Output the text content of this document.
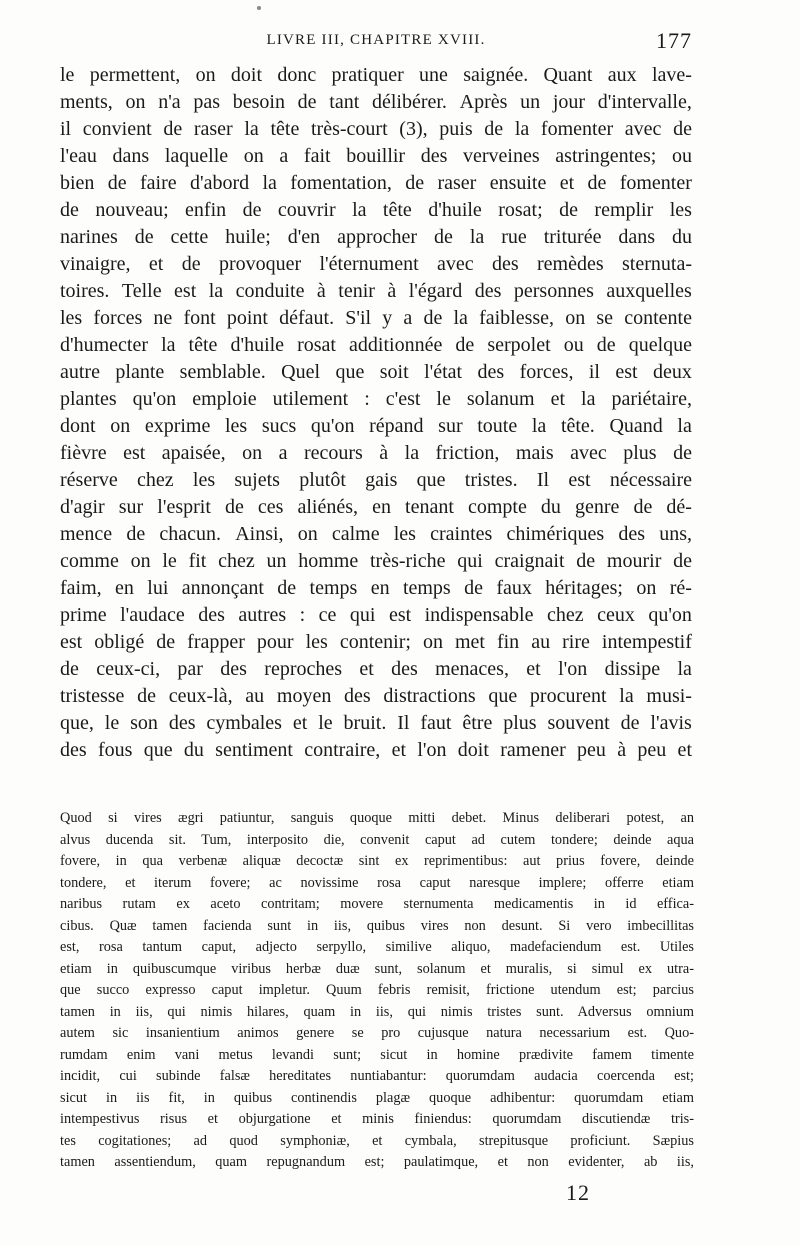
LIVRE III, CHAPITRE XVIII.	177
le permettent, on doit donc pratiquer une saignée. Quant aux lave-
ments, on n'a pas besoin de tant délibérer. Après un jour d'intervalle,
il convient de raser la tête très-court (3), puis de la fomenter avec de
l'eau dans laquelle on a fait bouillir des verveines astringentes; ou
bien de faire d'abord la fomentation, de raser ensuite et de fomenter
de nouveau; enfin de couvrir la tête d'huile rosat; de remplir les
narines de cette huile; d'en approcher de la rue triturée dans du
vinaigre, et de provoquer l'éternument avec des remèdes sternuta-
toires. Telle est la conduite à tenir à l'égard des personnes auxquelles
les forces ne font point défaut. S'il y a de la faiblesse, on se contente
d'humecter la tête d'huile rosat additionnée de serpolet ou de quelque
autre plante semblable. Quel que soit l'état des forces, il est deux
plantes qu'on emploie utilement : c'est le solanum et la pariétaire,
dont on exprime les sucs qu'on répand sur toute la tête. Quand la
fièvre est apaisée, on a recours à la friction, mais avec plus de
réserve chez les sujets plutôt gais que tristes. Il est nécessaire
d'agir sur l'esprit de ces aliénés, en tenant compte du genre de dé-
mence de chacun. Ainsi, on calme les craintes chimériques des uns,
comme on le fit chez un homme très-riche qui craignait de mourir de
faim, en lui annonçant de temps en temps de faux héritages; on ré-
prime l'audace des autres : ce qui est indispensable chez ceux qu'on
est obligé de frapper pour les contenir; on met fin au rire intempestif
de ceux-ci, par des reproches et des menaces, et l'on dissipe la
tristesse de ceux-là, au moyen des distractions que procurent la musi-
que, le son des cymbales et le bruit. Il faut être plus souvent de l'avis
des fous que du sentiment contraire, et l'on doit ramener peu à peu et
Quod si vires ægri patiuntur, sanguis quoque mitti debet. Minus deliberari potest, an
alvus ducenda sit. Tum, interposito die, convenit caput ad cutem tondere; deinde aqua
fovere, in qua verbenæ aliquæ decoctæ sint ex reprimentibus: aut prius fovere, deinde
tondere, et iterum fovere; ac novissime rosa caput naresque implere; offerre etiam
naribus rutam ex aceto contritam; movere sternumenta medicamentis in id effica-
cibus. Quæ tamen facienda sunt in iis, quibus vires non desunt. Si vero imbecillitas
est, rosa tantum caput, adjecto serpyllo, similive aliquo, madefaciendum est. Utiles
etiam in quibuscumque viribus herbæ duæ sunt, solanum et muralis, si simul ex utra-
que succo expresso caput impletur. Quum febris remisit, frictione utendum est; parcius
tamen in iis, qui nimis hilares, quam in iis, qui nimis tristes sunt. Adversus omnium
autem sic insanientium animos genere se pro cujusque natura necessarium est. Quo-
rumdam enim vani metus levandi sunt; sicut in homine prædivite famem timente
incidit, cui subinde falsæ hereditates nuntiabantur: quorumdam audacia coercenda est;
sicut in iis fit, in quibus continendis plagæ quoque adhibentur: quorumdam etiam
intempestivus risus et objurgatione et minis finiendus: quorumdam discutiendæ tris-
tes cogitationes; ad quod symphoniæ, et cymbala, strepitusque proficiunt. Sæpius
tamen assentiendum, quam repugnandum est; paulatimque, et non evidenter, ab iis,
12
